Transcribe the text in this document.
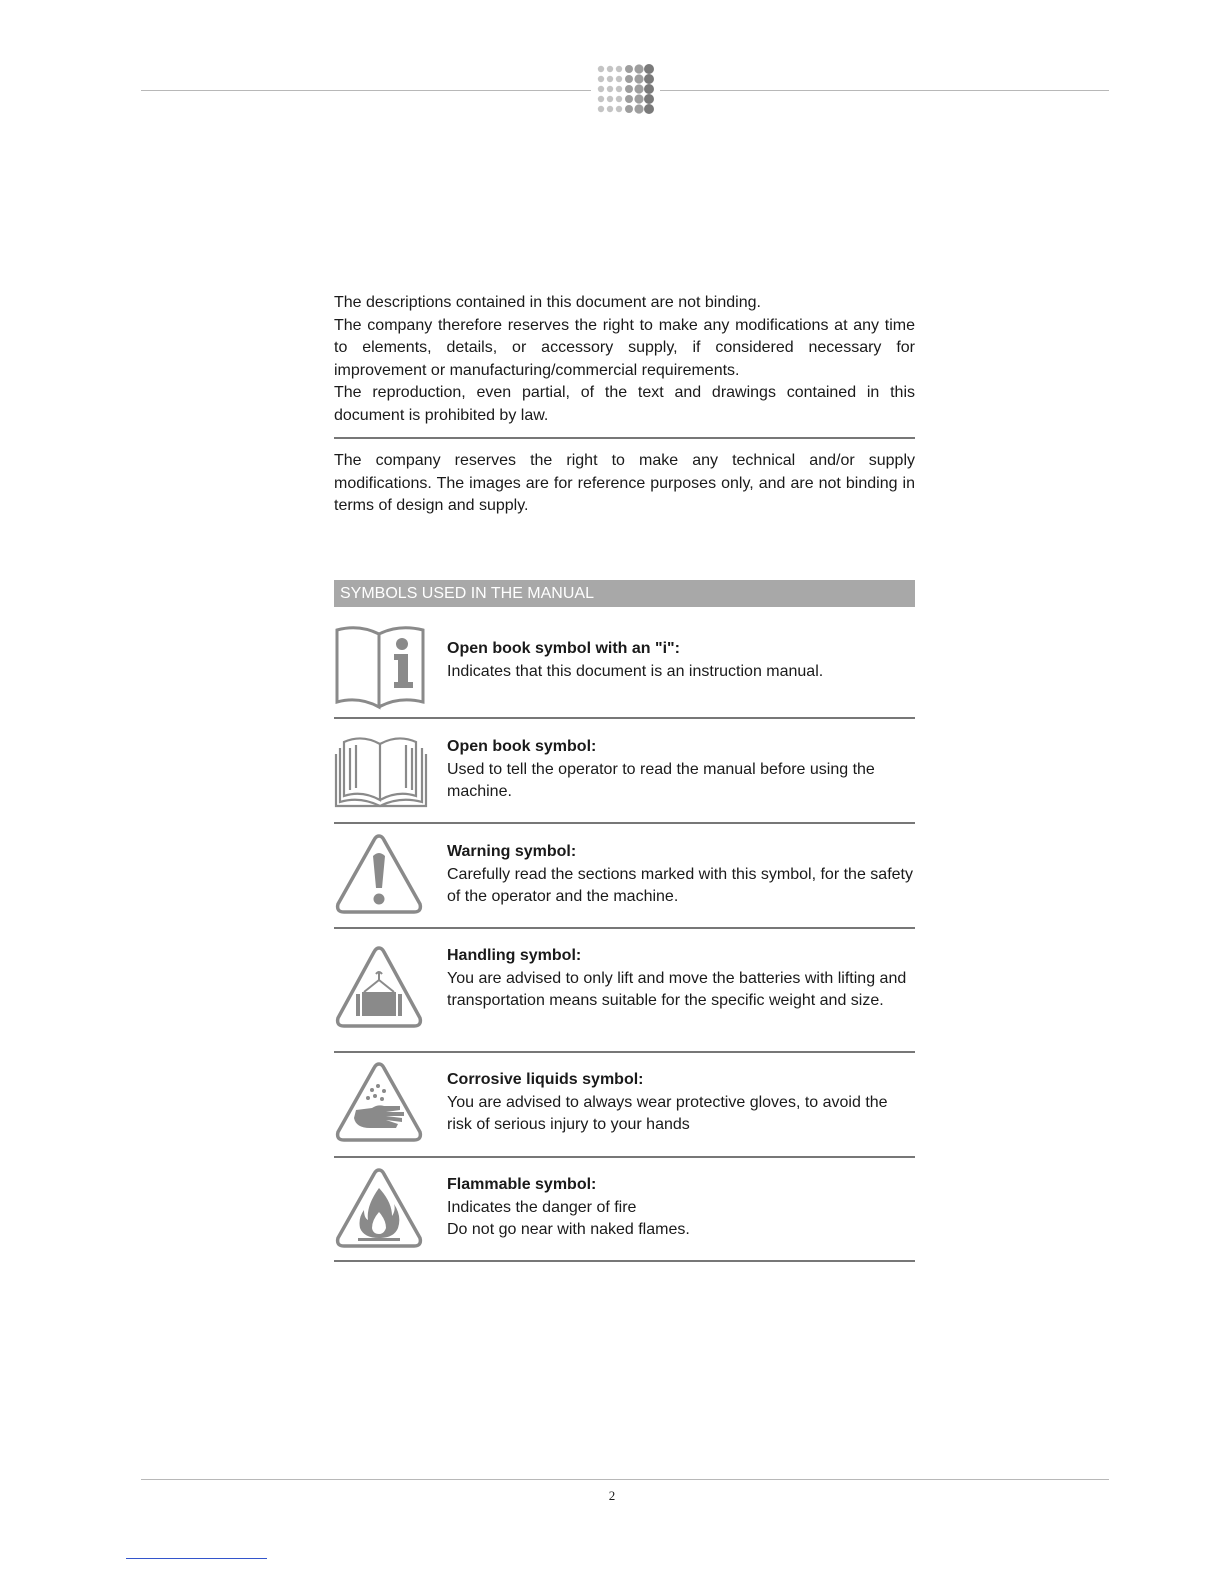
The descriptions contained in this document are not binding.
The company therefore reserves the right to make any modifications at any time to elements, details, or accessory supply, if considered necessary for improvement or manufacturing/commercial requirements.
The reproduction, even partial, of the text and drawings contained in this document is prohibited by law.
The company reserves the right to make any technical and/or supply modifications. The images are for reference purposes only, and are not binding in terms of design and supply.
SYMBOLS USED IN THE MANUAL
Open book symbol with an "i":
Indicates that this document is an instruction manual.
Open book symbol:
Used to tell the operator to read the manual before using the machine.
Warning symbol:
Carefully read the sections marked with this symbol, for the safety of the operator and the machine.
Handling symbol:
You are advised to only lift and move the batteries with lifting and transportation means suitable for the specific weight and size.
Corrosive liquids symbol:
You are advised to always wear protective gloves, to avoid the risk of serious injury to your hands
Flammable symbol:
Indicates the danger of fire
Do not go near with naked flames.
2
